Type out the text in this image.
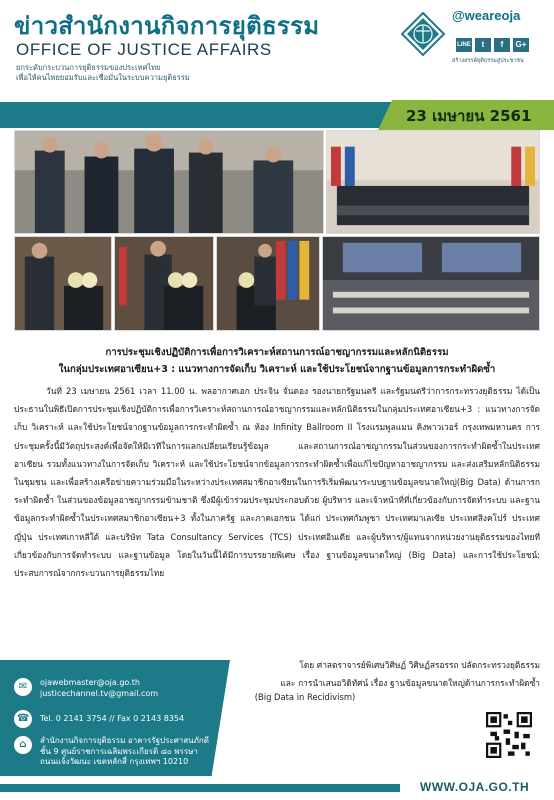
ข่าวสำนักงานกิจการยุติธรรม
OFFICE OF JUSTICE AFFAIRS
ยกระดับกระบวนการยุติธรรมของประเทศไทย
เพื่อให้คนไทยยอมรับและเชื่อมั่นในระบบความยุติธรรม
@weareoja
LINE	t	f	G+
สร้างสรรค์ยุติธรรมสู่ประชาชน
23 เมษายน 2561
การประชุมเชิงปฏิบัติการเพื่อการวิเคราะห์สถานการณ์อาชญากรรมและหลักนิติธรรม
ในกลุ่มประเทศอาเซียน+3 : แนวทางการจัดเก็บ วิเคราะห์ และใช้ประโยชน์จากฐานข้อมูลการกระทำผิดซ้ำ
วันที่ 23 เมษายน 2561 เวลา 11.00 น. พลอากาศเอก ประจิน จั่นตอง รองนายกรัฐมนตรี และรัฐมนตรีว่าการกระทรวงยุติธรรม ได้เป็นประธานในพิธีเปิดการประชุมเชิงปฏิบัติการเพื่อการวิเคราะห์สถานการณ์อาชญากรรมและหลักนิติธรรมในกลุ่มประเทศอาเซียน+3 : แนวทางการจัดเก็บ วิเคราะห์ และใช้ประโยชน์จากฐานข้อมูลการกระทำผิดซ้ำ ณ ห้อง Infinity Ballroom II โรงแรมพูลแมน คิงพาวเวอร์ กรุงเทพมหานคร การประชุมครั้งนี้มีวัตถุประสงค์เพื่อจัดให้มีเวทีในการแลกเปลี่ยนเรียนรู้ข้อมูล และสถานการณ์อาชญากรรมในส่วนของการกระทำผิดซ้ำในประเทศอาเซียน รวมทั้งแนวทางในการจัดเก็บ วิเคราะห์ และใช้ประโยชน์จากข้อมูลการกระทำผิดซ้ำเพื่อแก้ไขปัญหาอาชญากรรม และส่งเสริมหลักนิติธรรมในชุมชน และเพื่อสร้างเครือข่ายความร่วมมือในระหว่างประเทศสมาชิกอาเซียนในการริเริ่มพัฒนาระบบฐานข้อมูลขนาดใหญ่(Big Data) ด้านการกระทำผิดซ้ำ ในส่วนของข้อมูลอาชญากรรมข้ามชาติ ซึ่งมีผู้เข้าร่วมประชุมประกอบด้วย ผู้บริหาร และเจ้าหน้าที่ที่เกี่ยวข้องกับการจัดทำระบบ และฐานข้อมูลกระทำผิดซ้ำในประเทศสมาชิกอาเซียน+3 ทั้งในภาครัฐ และภาคเอกชน ได้แก่ ประเทศกัมพูชา ประเทศมาเลเซีย ประเทศสิงคโปร์ ประเทศญี่ปุ่น ประเทศเกาหลีใต้ และบริษัท Tata Consultancy Services (TCS) ประเทศอินเดีย และผู้บริหาร/ผู้แทนจากหน่วยงานยุติธรรมของไทยที่เกี่ยวข้องกับการจัดทำระบบ และฐานข้อมูล โดยในวันนี้ได้มีการบรรยายพิเศษ เรื่อง ฐานข้อมูลขนาดใหญ่ (Big Data) และการใช้ประโยชน์: ประสบการณ์จากกระบวนการยุติธรรมไทย
✉	ojawebmaster@oja.go.th
justicechannel.tv@gmail.com
☎	Tel. 0 2141 3754 // Fax 0 2143 8354
⌂	สำนักงานกิจการยุติธรรม อาคารรัฐประศาสนภักดี
ชั้น 9 ศูนย์ราชการเฉลิมพระเกียรติ ๘๐ พรรษา
ถนนแจ้งวัฒนะ เขตหลักสี่ กรุงเทพฯ 10210
โดย ศาสตราจารย์พิเศษวิศิษฏ์ วิศิษฏ์สรอรรถ ปลัดกระทรวงยุติธรรม
และ การนำเสนอวิดิทัศน์ เรื่อง ฐานข้อมูลขนาดใหญ่ด้านการกระทำผิดซ้ำ
(Big Data in Recidivism)
WWW.OJA.GO.TH
